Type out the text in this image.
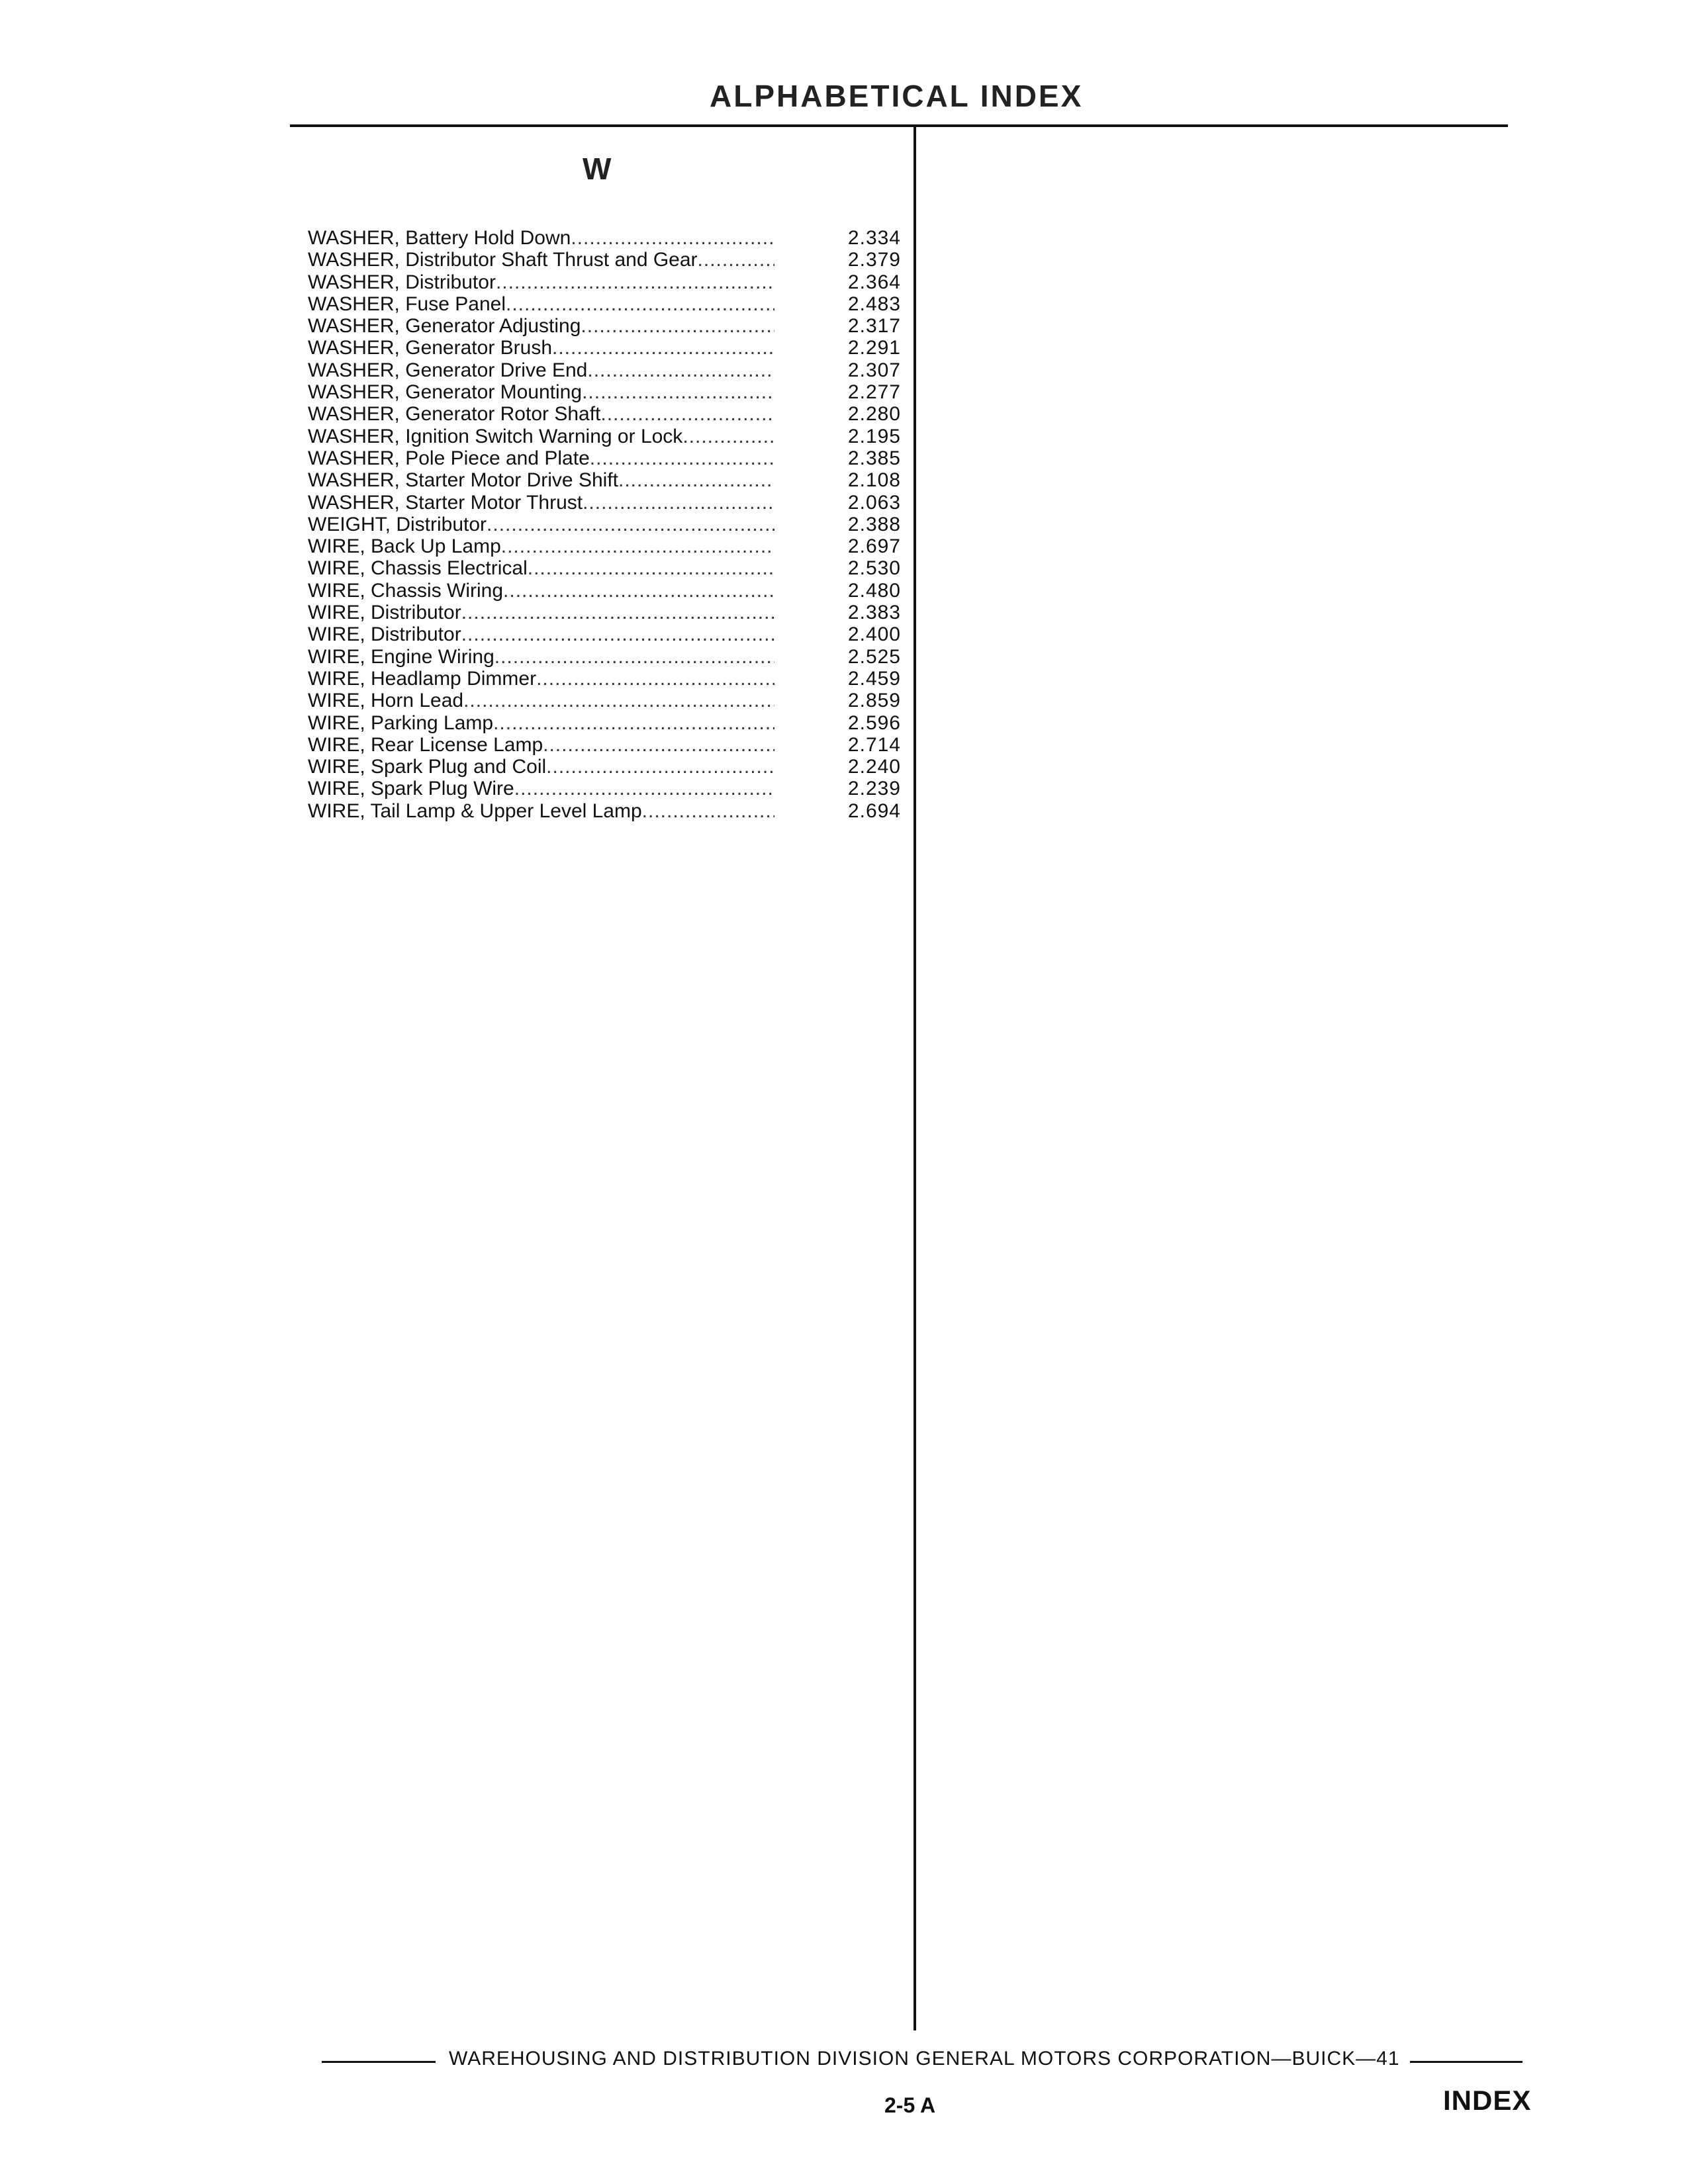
ALPHABETICAL INDEX
W
WASHER, Battery Hold Down .....	2.334
WASHER, Distributor Shaft Thrust and Gear .....	2.379
WASHER, Distributor .....	2.364
WASHER, Fuse Panel .....	2.483
WASHER, Generator Adjusting .....	2.317
WASHER, Generator Brush .....	2.291
WASHER, Generator Drive End .....	2.307
WASHER, Generator Mounting .....	2.277
WASHER, Generator Rotor Shaft .....	2.280
WASHER, Ignition Switch Warning or Lock .....	2.195
WASHER, Pole Piece and Plate .....	2.385
WASHER, Starter Motor Drive Shift .....	2.108
WASHER, Starter Motor Thrust .....	2.063
WEIGHT, Distributor .....	2.388
WIRE, Back Up Lamp .....	2.697
WIRE, Chassis Electrical .....	2.530
WIRE, Chassis Wiring .....	2.480
WIRE, Distributor .....	2.383
WIRE, Distributor .....	2.400
WIRE, Engine Wiring .....	2.525
WIRE, Headlamp Dimmer .....	2.459
WIRE, Horn Lead .....	2.859
WIRE, Parking Lamp .....	2.596
WIRE, Rear License Lamp .....	2.714
WIRE, Spark Plug and Coil .....	2.240
WIRE, Spark Plug Wire .....	2.239
WIRE, Tail Lamp & Upper Level Lamp .....	2.694
WAREHOUSING AND DISTRIBUTION DIVISION GENERAL MOTORS CORPORATION—BUICK—41
2-5 A	INDEX
